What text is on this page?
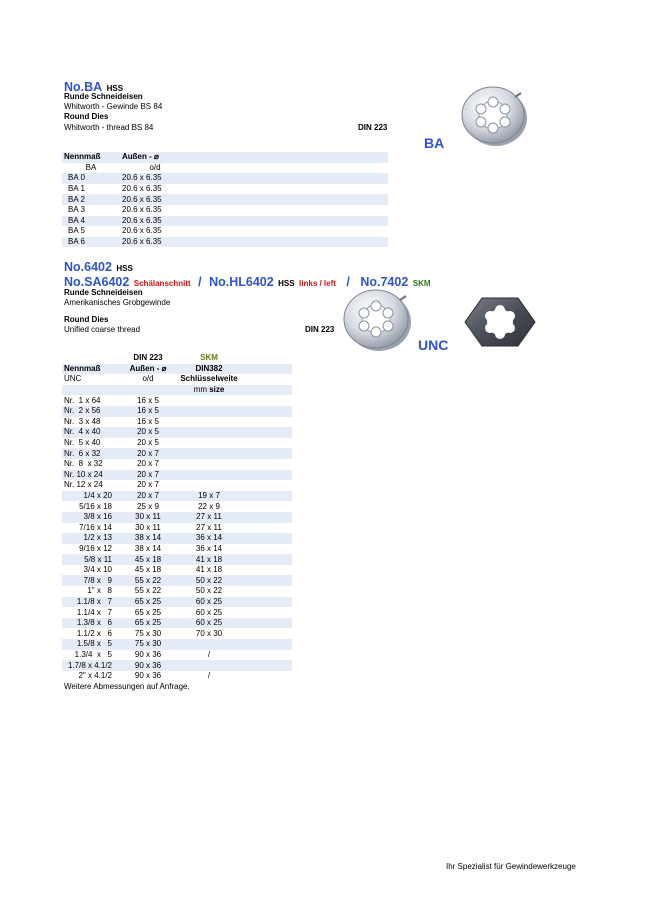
No.BA HSS
Runde Schneideisen
Whitworth - Gewinde BS 84
Round Dies
Whitworth - thread BS 84	DIN 223
BA
Nennmaß	Außen - ⌀	
BA	o/d	
BA 0	20.6 x 6.35	
BA 1	20.6 x 6.35	
BA 2	20.6 x 6.35	
BA 3	20.6 x 6.35	
BA 4	20.6 x 6.35	
BA 5	20.6 x 6.35	
BA 6	20.6 x 6.35	
No.6402 HSS
No.SA6402 Schälanschnitt / No.HL6402 HSS links / left / No.7402 SKM
Runde Schneideisen
Amerikanisches Grobgewinde
Round Dies
Unified coarse thread	DIN 223
UNC
	DIN 223	SKM	
Nennmaß	Außen - ⌀	DIN382	
UNC	o/d	Schlüsselweite	
		mm size	
Nr.  1 x 64	16 x 5		
Nr.  2 x 56	16 x 5		
Nr.  3 x 48	16 x 5		
Nr.  4 x 40	20 x 5		
Nr.  5 x 40	20 x 5		
Nr.  6 x 32	20 x 7		
Nr.  8  x 32	20 x 7		
Nr. 10 x 24	20 x 7		
Nr. 12 x 24	20 x 7		
1/4 x 20	20 x 7	19 x 7	
5/16 x 18	25 x 9	22 x 9	
3/8 x 16	30 x 11	27 x 11	
7/16 x 14	30 x 11	27 x 11	
1/2 x 13	38 x 14	36 x 14	
9/16 x 12	38 x 14	36 x 14	
5/8 x 11	45 x 18	41 x 18	
3/4 x 10	45 x 18	41 x 18	
7/8 x   9	55 x 22	50 x 22	
1" x   8	55 x 22	50 x 22	
1.1/8 x   7	65 x 25	60 x 25	
1.1/4 x   7	65 x 25	60 x 25	
1.3/8 x   6	65 x 25	60 x 25	
1.1/2 x   6	75 x 30	70 x 30	
1.5/8 x   5	75 x 30		
1.3/4  x   5	90 x 36	/	
1.7/8 x 4.1/2	90 x 36		
2" x 4.1/2	90 x 36	/	
Weitere Abmessungen auf Anfrage.			
Ihr Spezialist für Gewindewerkzeuge
